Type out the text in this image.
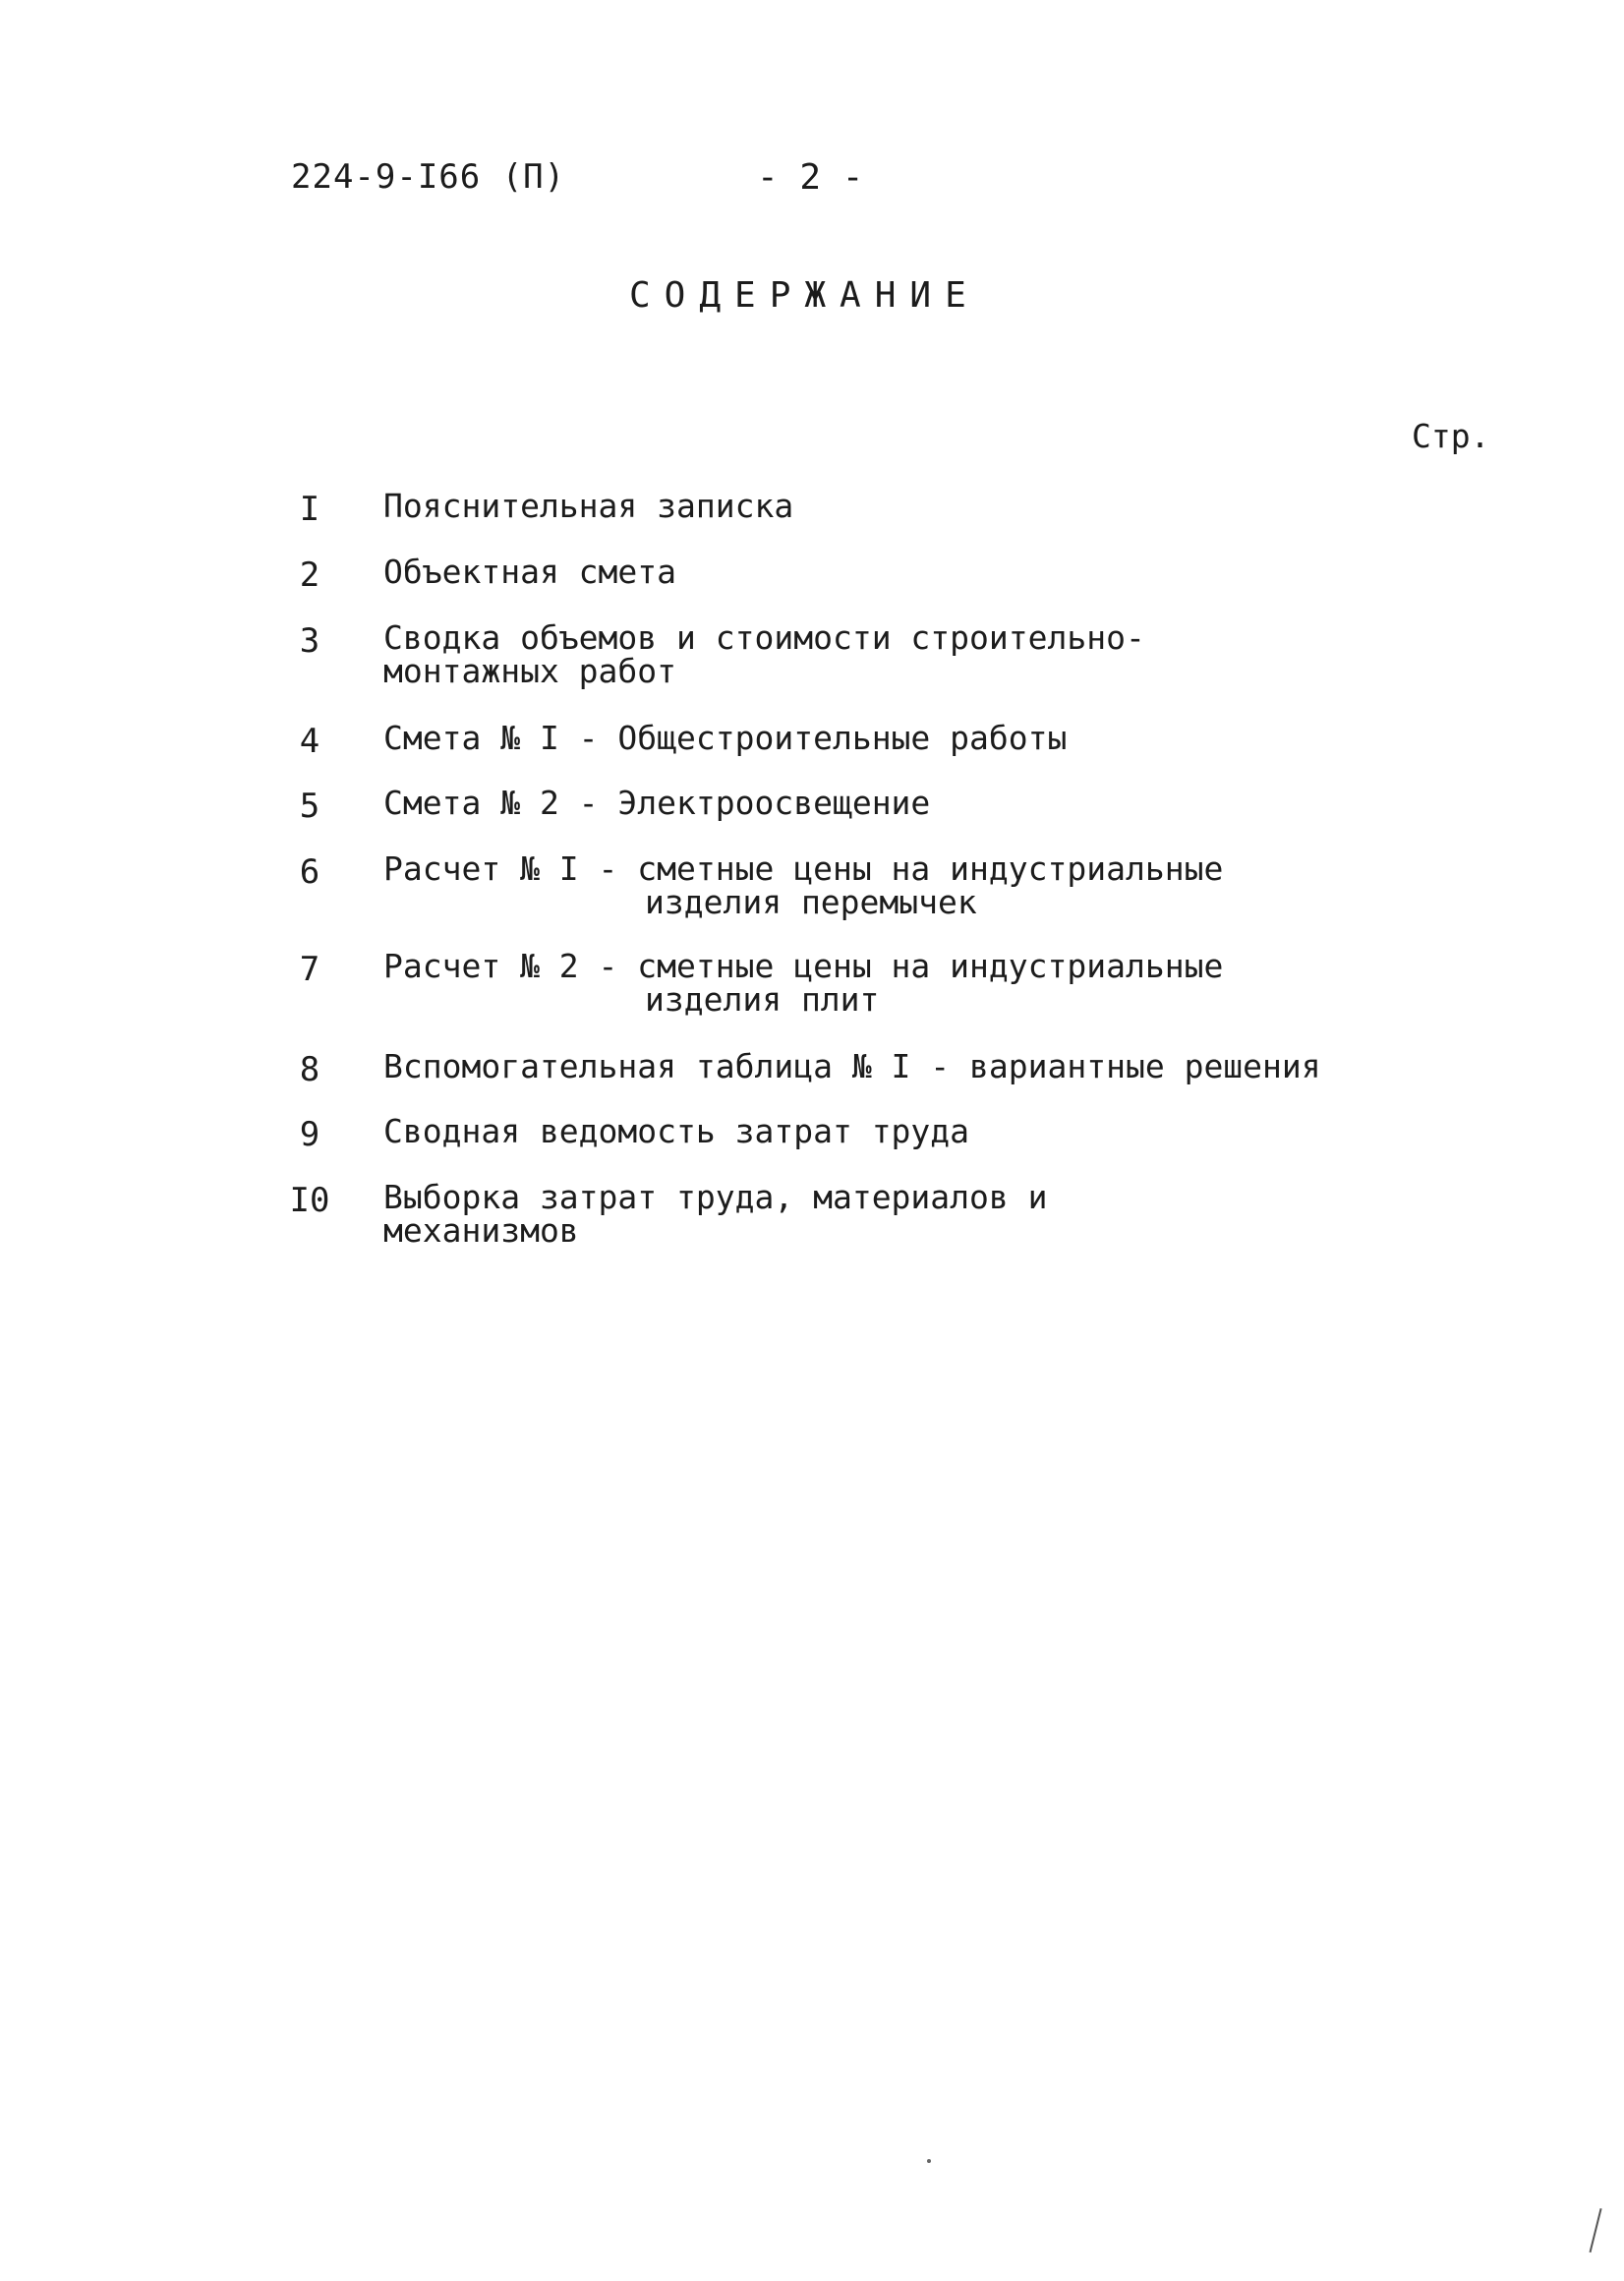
224-9-I66 (П)	- 2 -
СОДЕРЖАНИЕ
Стр.
I	Пояснительная записка
2	Объектная смета
3	Сводка объемов и стоимости строительно-
монтажных работ
4	Смета № I - Общестроительные работы
5	Смета № 2 - Электроосвещение
6	Расчет № I - сметные цены на индустриальные
изделия перемычек
7	Расчет № 2 - сметные цены на индустриальные
изделия плит
8	Вспомогательная таблица № I - вариантные решения
9	Сводная ведомость затрат труда
I0	Выборка затрат труда, материалов и
механизмов
